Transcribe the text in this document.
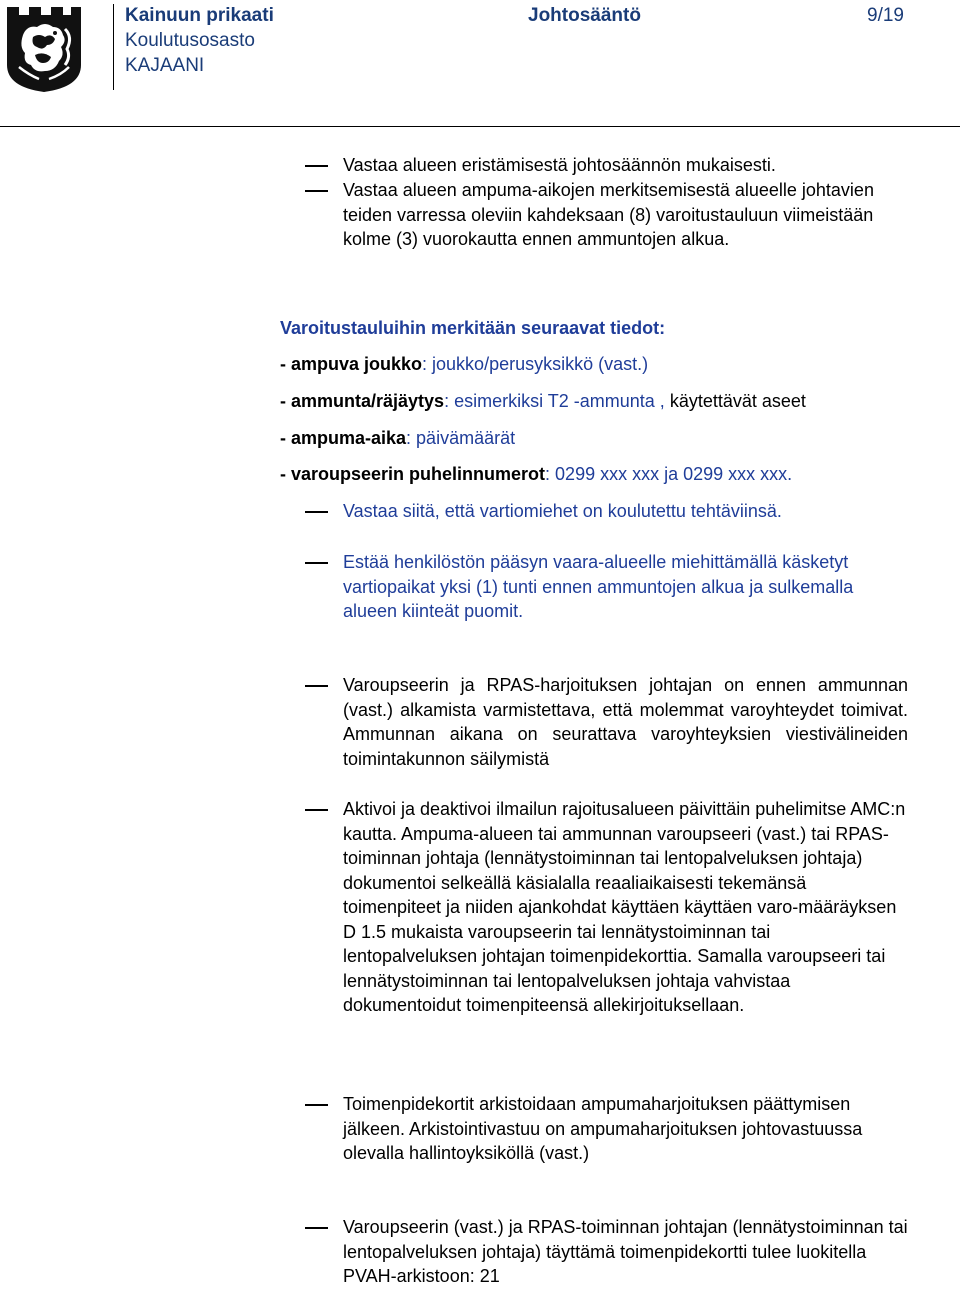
Kainuun prikaati
Koulutusosasto
KAJAANI
Johtosääntö	9/19
Vastaa alueen eristämisestä johtosäännön mukaisesti.
Vastaa alueen ampuma-aikojen merkitsemisestä alueelle johtavien teiden varressa oleviin kahdeksaan (8) varoitustauluun viimeistään kolme (3) vuorokautta ennen ammuntojen alkua.
Varoitustauluihin merkitään seuraavat tiedot:
- ampuva joukko: joukko/perusyksikkö (vast.)
- ammunta/räjäytys: esimerkiksi T2 -ammunta , käytettävät aseet
- ampuma-aika: päivämäärät
- varoupseerin puhelinnumerot: 0299 xxx xxx ja 0299 xxx xxx.
Vastaa siitä, että vartiomiehet on koulutettu tehtäviinsä.
Estää henkilöstön pääsyn vaara-alueelle miehittämällä käsketyt vartiopaikat yksi (1) tunti ennen ammuntojen alkua ja sulkemalla alueen kiinteät puomit.
Varoupseerin ja RPAS-harjoituksen johtajan on ennen ammunnan (vast.) alkamista varmistettava, että molemmat varoyhteydet toimivat. Ammunnan aikana on seurattava varoyhteyksien viestivälineiden toimintakunnon säilymistä
Aktivoi ja deaktivoi ilmailun rajoitusalueen päivittäin puhelimitse AMC:n kautta. Ampuma-alueen tai ammunnan varoupseeri (vast.) tai RPAS-toiminnan johtaja (lennätystoiminnan tai lentopalveluksen johtaja) dokumentoi selkeällä käsialalla reaaliaikaisesti tekemänsä toimenpiteet ja niiden ajankohdat käyttäen käyttäen varo-määräyksen D 1.5 mukaista varoupseerin tai lennätystoiminnan tai lentopalveluksen johtajan toimenpidekorttia. Samalla varoupseeri tai lennätystoiminnan tai lentopalveluksen johtaja vahvistaa dokumentoidut toimenpiteensä allekirjoituksellaan.
Toimenpidekortit arkistoidaan ampumaharjoituksen päättymisen jälkeen. Arkistointivastuu on ampumaharjoituksen johtovastuussa olevalla hallintoyksiköllä (vast.)
Varoupseerin (vast.) ja RPAS-toiminnan johtajan (lennätystoiminnan tai lentopalveluksen johtaja) täyttämä toimenpidekortti tulee luokitella PVAH-arkistoon: 21
